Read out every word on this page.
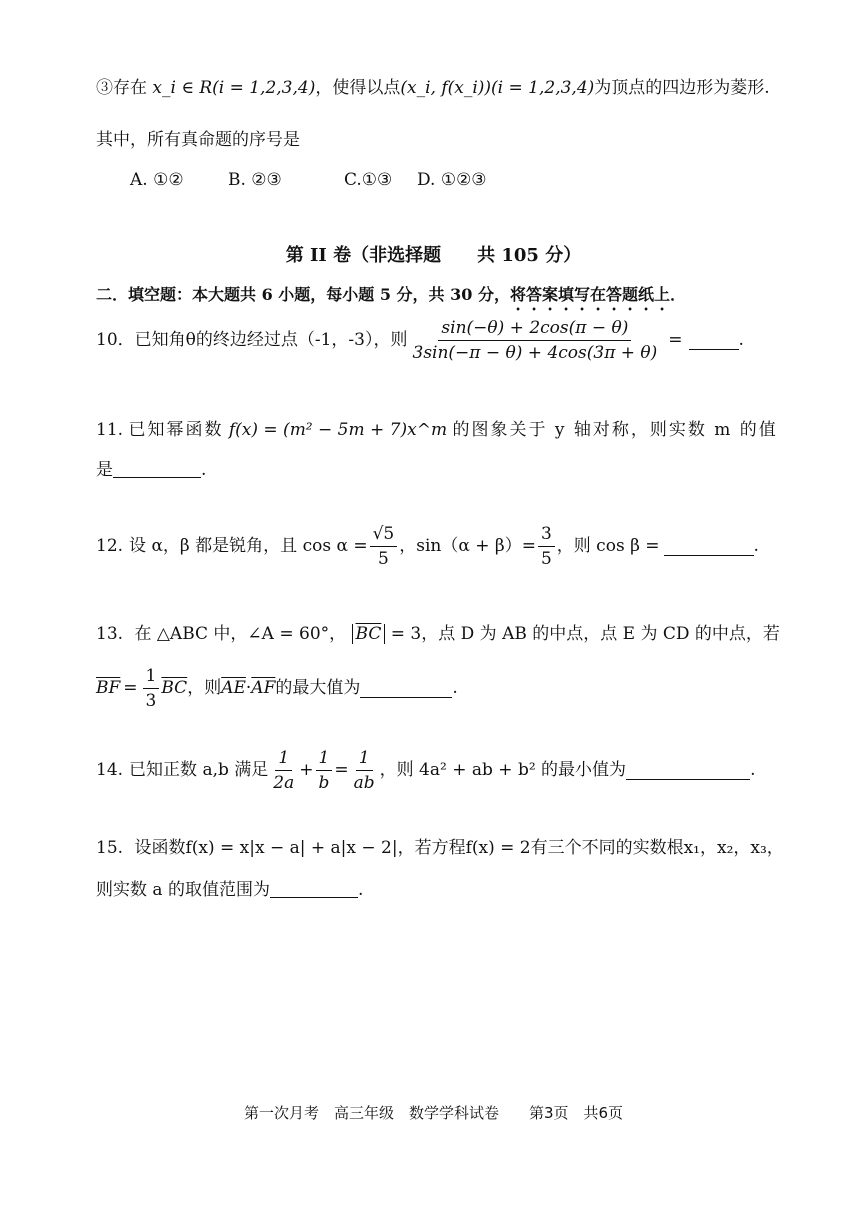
③存在 x_i ∈ R(i = 1,2,3,4)，使得以点(x_i, f(x_i))(i = 1,2,3,4)为顶点的四边形为菱形.
其中，所有真命题的序号是
A. ①②	B. ②③	C.①③ D. ①②③
第 II 卷（非选择题　　共 105 分）
二．填空题：本大题共 6 小题，每小题 5 分，共 30 分，将答案填写在答题纸上．
10． 已知角θ的终边经过点（-1，-3），则 $\frac{\sin(-\theta) + 2\cos(\pi - \theta)}{3\sin(-\pi - \theta) + 4\cos(3\pi + \theta)}$ =	.
11. 已知幂函数 f(x) = (m² − 5m + 7)x^m 的图象关于 y 轴对称，则实数 m 的值
是	.
12. 设 α，β 都是锐角，且 $\cos \alpha = \frac{√5}{5}$ ，$\sin(\alpha + \beta)= \frac{3}{5}$ ，则 cos β =	.
13. 在 △ABC 中，∠A = 60°， $\overline{BC} = 3$，点 D 为 AB 的中点，点 E 为 CD 的中点，若
$\overline{BF} = \frac{1}{3} \overline{BC}$ ，则 $\overline{AE} \cdot \overline{AF}$ 的最大值为	.
14. 已知正数 a,b 满足 $\frac{1}{2a} + \frac{1}{b} = \frac{1}{ab}$ ，则 4a² + ab + b² 的最小值为	.
15. 设函数f(x) = x|x − a| + a|x − 2|，若方程f(x) = 2有三个不同的实数根x₁，x₂，x₃，
则实数 a 的取值范围为	.
第一次月考　高三年级　数学学科试卷　　第3页　共6页
